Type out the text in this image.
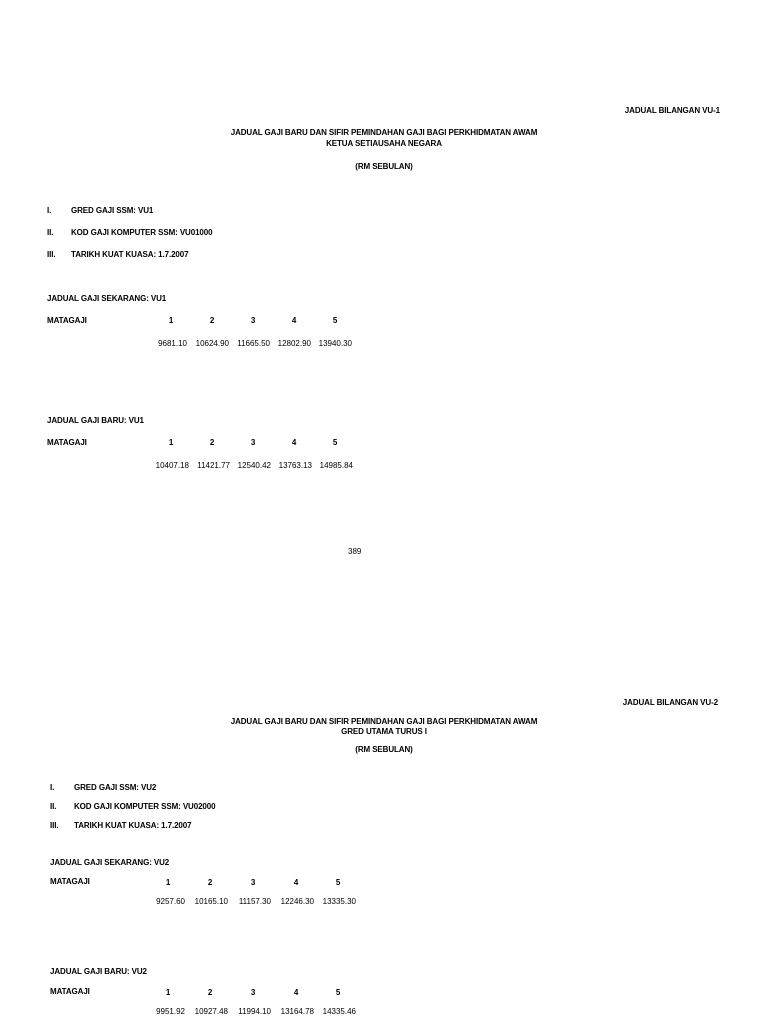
JADUAL BILANGAN VU-1
JADUAL GAJI BARU DAN SIFIR PEMINDAHAN GAJI BAGI PERKHIDMATAN AWAM
KETUA SETIAUSAHA NEGARA
(RM SEBULAN)
I. GRED GAJI SSM: VU1
II. KOD GAJI KOMPUTER SSM: VU01000
III. TARIKH KUAT KUASA: 1.7.2007
JADUAL GAJI SEKARANG: VU1
MATAGAJI	1	2	3	4	5
9681.10 10624.90 11665.50 12802.90 13940.30
JADUAL GAJI BARU: VU1
MATAGAJI	1	2	3	4	5
10407.18 11421.77 12540.42 13763.13 14985.84
389
JADUAL BILANGAN VU-2
JADUAL GAJI BARU DAN SIFIR PEMINDAHAN GAJI BAGI PERKHIDMATAN AWAM
GRED UTAMA TURUS I
(RM SEBULAN)
I. GRED GAJI SSM: VU2
II. KOD GAJI KOMPUTER SSM: VU02000
III. TARIKH KUAT KUASA: 1.7.2007
JADUAL GAJI SEKARANG: VU2
MATAGAJI	1	2	3	4	5
9257.60 10165.10 11157.30 12246.30 13335.30
JADUAL GAJI BARU: VU2
MATAGAJI	1	2	3	4	5
9951.92 10927.48 11994.10 13164.78 14335.46
